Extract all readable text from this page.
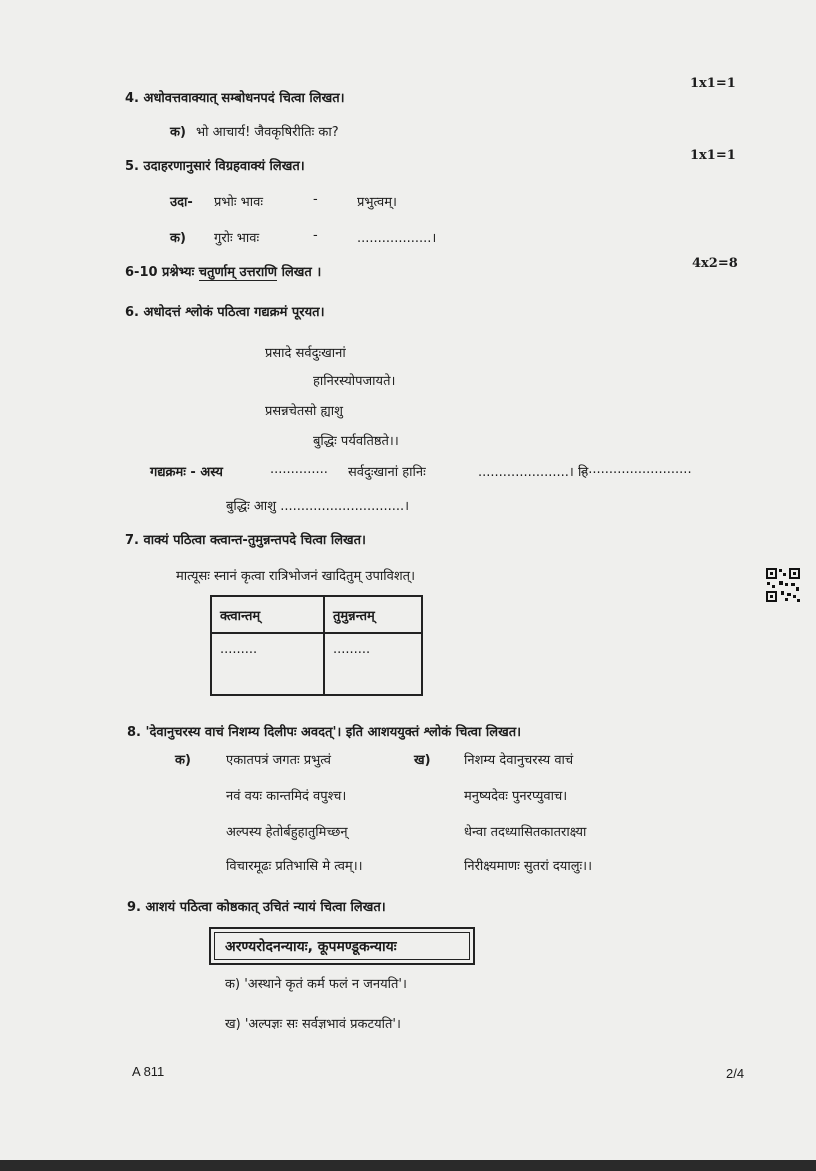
4. अधोवत्तवाक्यात् सम्बोधनपदं चित्वा लिखत।
1x1=1
क) भो आचार्य! जैवकृषिरीतिः का?
5. उदाहरणानुसारं विग्रहवाक्यं लिखत।
1x1=1
उदा- प्रभोः भावः	-	प्रभुत्वम्।
क) गुरोः भावः	-	..................।
6-10 प्रश्नेभ्यः चतुर्णाम् उत्तराणि लिखत ।
4x2=8
6. अधोदत्तं श्लोकं पठित्वा गद्यक्रमं पूरयत।
प्रसादे सर्वदुःखानां
हानिरस्योपजायते।
प्रसन्नचेतसो ह्याशु
बुद्धिः पर्यवतिष्ठते।।
गद्यक्रमः - अस्य	.............. सर्वदुःखानां हानिः	......................। हि
...........................
बुद्धिः आशु ..............................।
7. वाक्यं पठित्वा क्त्वान्त-तुमुन्नन्तपदे चित्वा लिखत।
मात्यूसः स्नानं कृत्वा रात्रिभोजनं खादितुम् उपाविशत्।
क्त्वान्तम्	तुमुन्नन्तम्
.........	.........
8. 'देवानुचरस्य वाचं निशम्य दिलीपः अवदत्'। इति आशययुक्तं श्लोकं चित्वा लिखत।
क)	ख)
एकातपत्रं जगतः प्रभुत्वं
नवं वयः कान्तमिदं वपुश्च।
अल्पस्य हेतोर्बहुहातुमिच्छन्
विचारमूढः प्रतिभासि मे त्वम्।।
निशम्य देवानुचरस्य वाचं
मनुष्यदेवः पुनरप्युवाच।
धेन्वा तदध्यासितकातराक्ष्या
निरीक्ष्यमाणः सुतरां दयालुः।।
9. आशयं पठित्वा कोष्ठकात् उचितं न्यायं चित्वा लिखत।
अरण्यरोदनन्यायः, कूपमण्डूकन्यायः
क) 'अस्थाने कृतं कर्म फलं न जनयति'।
ख) 'अल्पज्ञः सः सर्वज्ञभावं प्रकटयति'।
A 811	2/4
